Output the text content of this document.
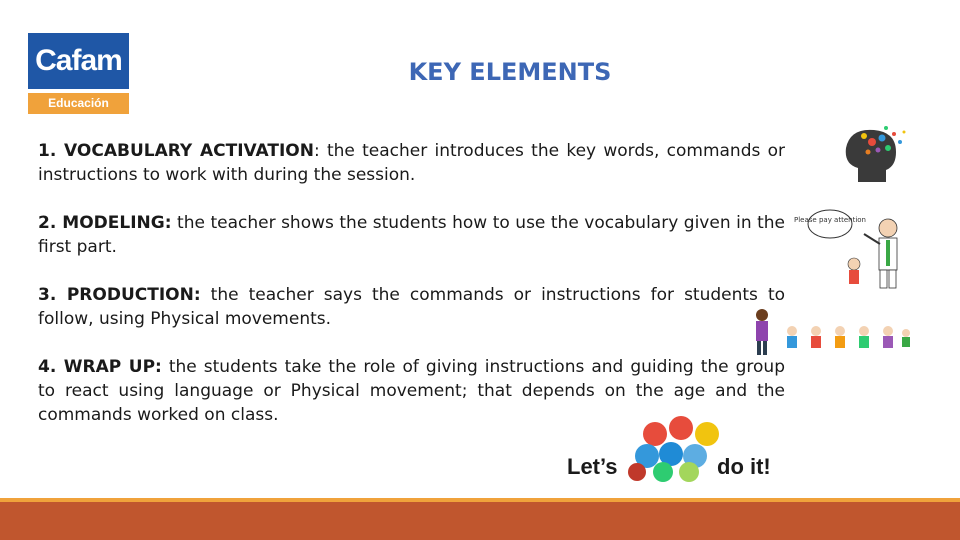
Cafam
Educación
KEY ELEMENTS
1. VOCABULARY ACTIVATION: the teacher introduces the key words, commands or instructions to work with during the session.
2. MODELING: the teacher shows the students how to use the vocabulary given in the first part.
3. PRODUCTION: the teacher says the commands or instructions for students to follow, using Physical movements.
4. WRAP UP: the students take the role of giving instructions and guiding the group to react using language or Physical movement; that depends on the age and the commands worked on class.
Please pay attention
Let’s	do it!
